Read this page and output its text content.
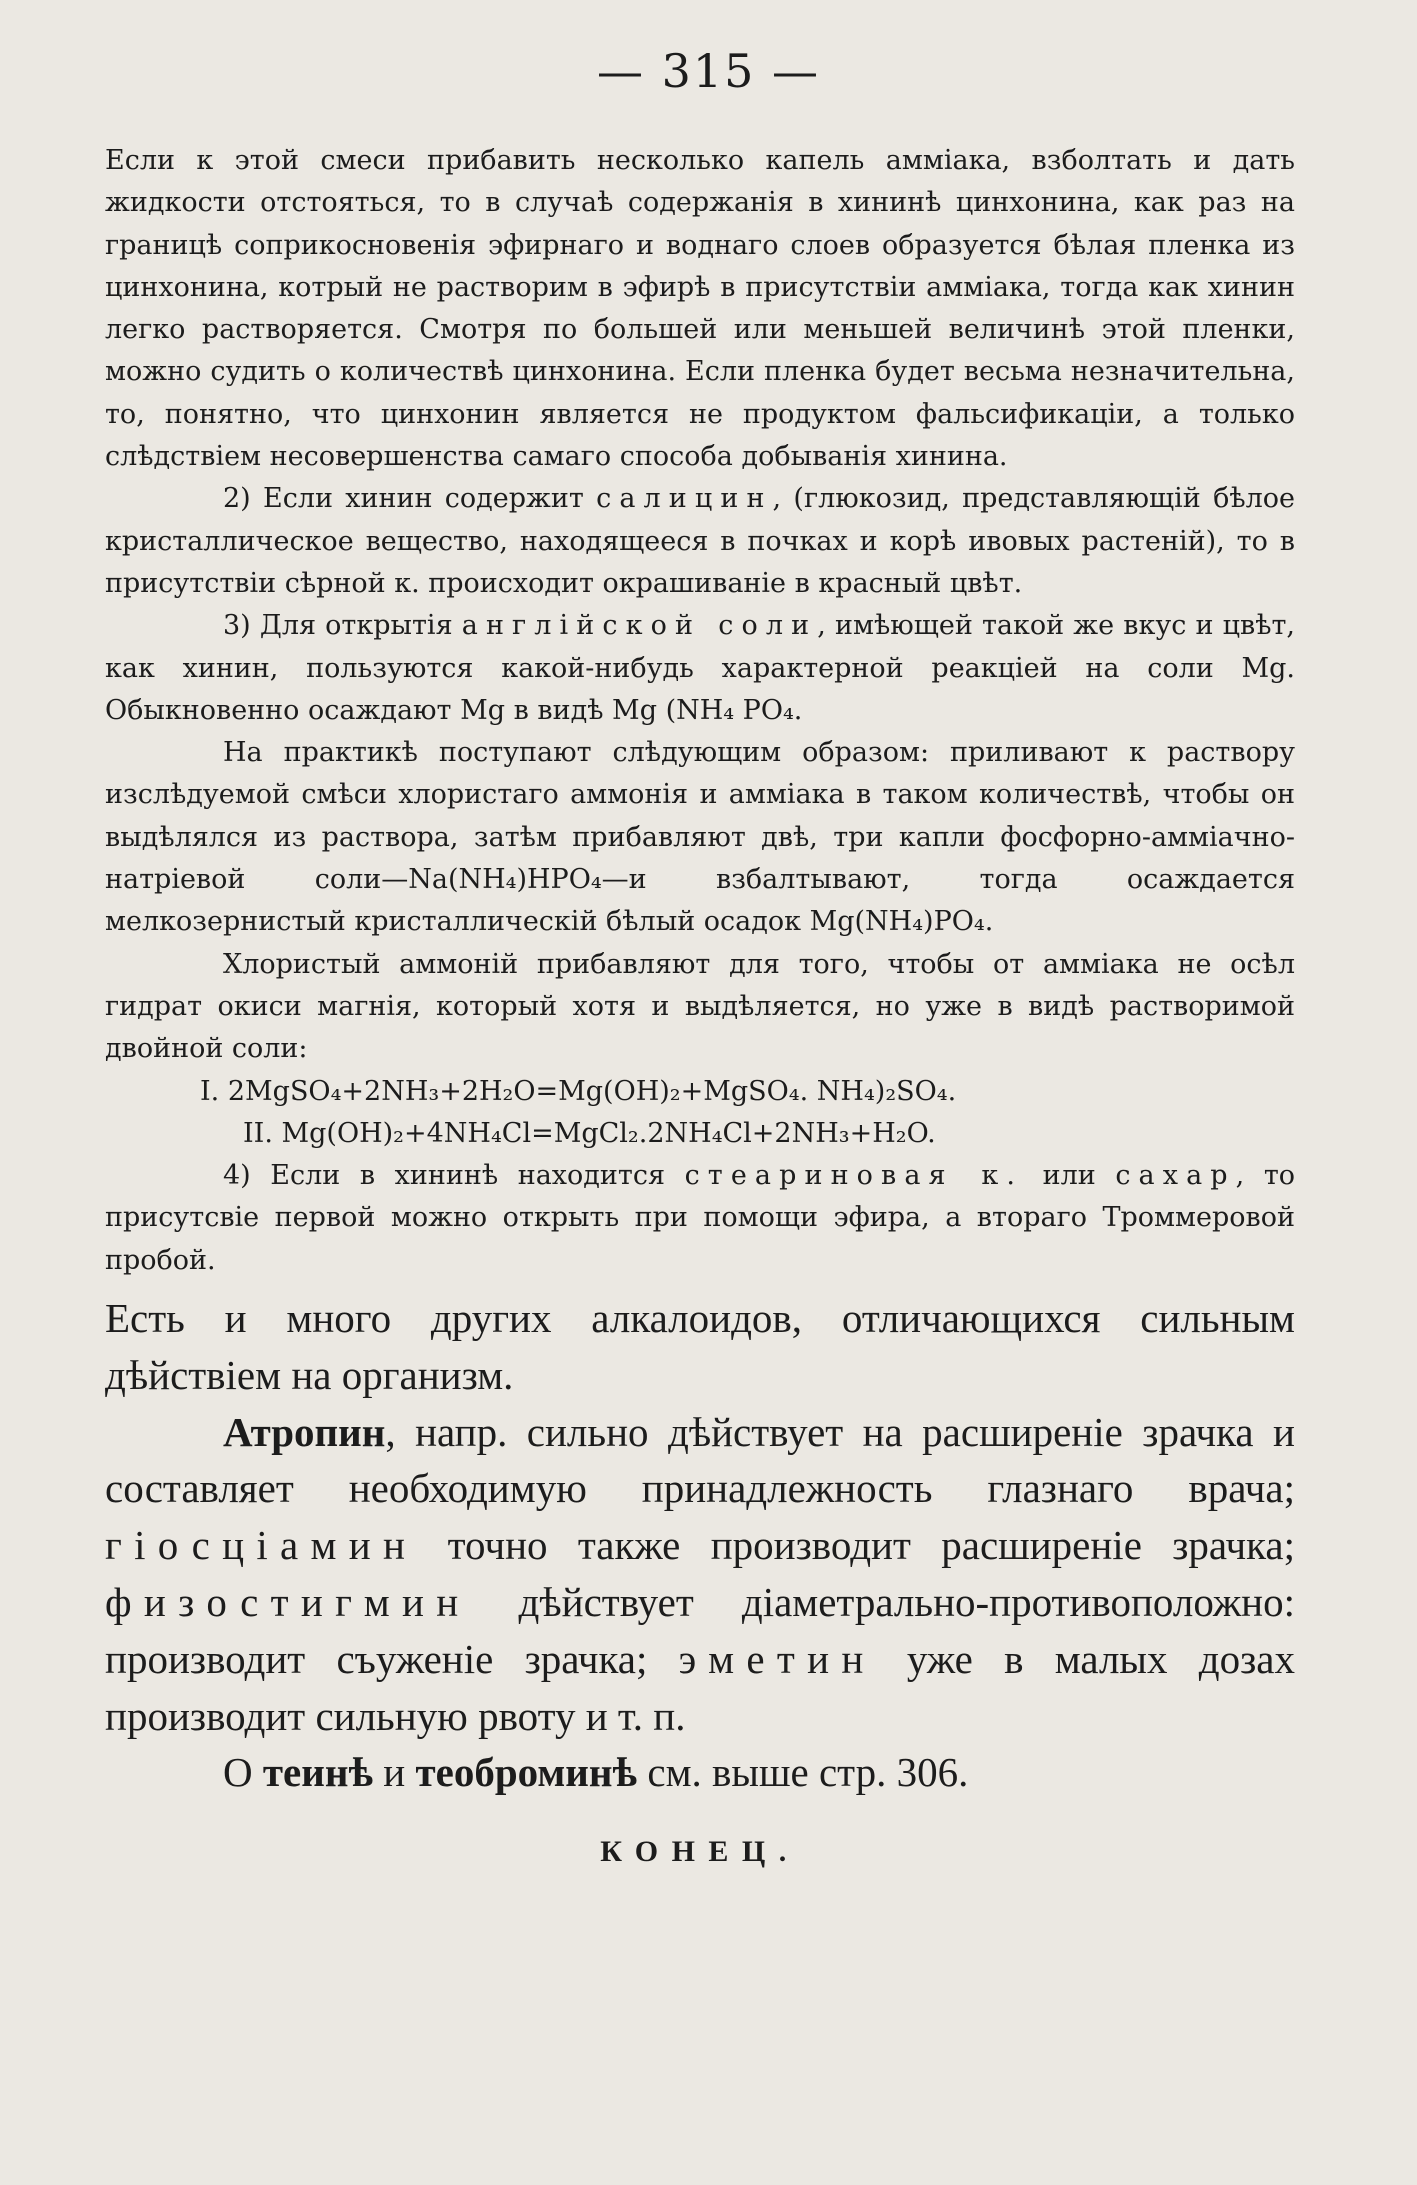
— 315 —

Если к этой смеси прибавить несколько капель амміака, взболтать и дать жидкости отстояться, то в случаѣ содержанія в хининѣ цинхонина, как раз на границѣ соприкосновенія эфирнаго и воднаго слоев образуется бѣлая пленка из цинхонина, котрый не растворим в эфирѣ в присутствіи амміака, тогда как хинин легко растворяется. Смотря по большей или меньшей величинѣ этой пленки, можно судить о количествѣ цинхонина. Если пленка будет весьма незначительна, то, понятно, что цинхонин является не продуктом фальсификаціи, а только слѣдствіем несовершенства самаго способа добыванія хинина.

2) Если хинин содержит салицин, (глюкозид, представляющій бѣлое кристаллическое вещество, находящееся в почках и корѣ ивовых растеній), то в присутствіи сѣрной к. происходит окрашиваніе в красный цвѣт.

3) Для открытія англійской соли, имѣющей такой же вкус и цвѣт, как хинин, пользуются какой-нибудь характерной реакціей на соли Mg. Обыкновенно осаждают Mg в видѣ Mg (NH₄ PO₄.

На практикѣ поступают слѣдующим образом: приливают к раствору изслѣдуемой смѣси хлористаго аммонія и амміака в таком количествѣ, чтобы он выдѣлялся из раствора, затѣм прибавляют двѣ, три капли фосфорно-амміачно-натріевой соли—Na(NH₄)HPO₄—и взбалтывают, тогда осаждается мелкозернистый кристаллическій бѣлый осадок Mg(NH₄)PO₄.

Хлористый аммоній прибавляют для того, чтобы от амміака не осѣл гидрат окиси магнія, который хотя и выдѣляется, но уже в видѣ растворимой двойной соли:

I. 2MgSO₄+2NH₃+2H₂O=Mg(OH)₂+MgSO₄. NH₄)₂SO₄.

II. Mg(OH)₂+4NH₄Cl=MgCl₂.2NH₄Cl+2NH₃+H₂O.

4) Если в хининѣ находится стеариновая к. или сахар, то присутсвіе первой можно открыть при помощи эфира, а втораго Троммеровой пробой.

Есть и много других алкалоидов, отличающихся сильным дѣйствіем на организм.

Атропин, напр. сильно дѣйствует на расширеніе зрачка и составляет необходимую принадлежность глазнаго врача; гіосціамин точно также производит расширеніе зрачка; физостигмин дѣйствует діаметрально-противоположно: производит съуженіе зрачка; эметин уже в малых дозах производит сильную рвоту и т. п.

О теинѣ и теоброминѣ см. выше стр. 306.

КОНЕЦ.
